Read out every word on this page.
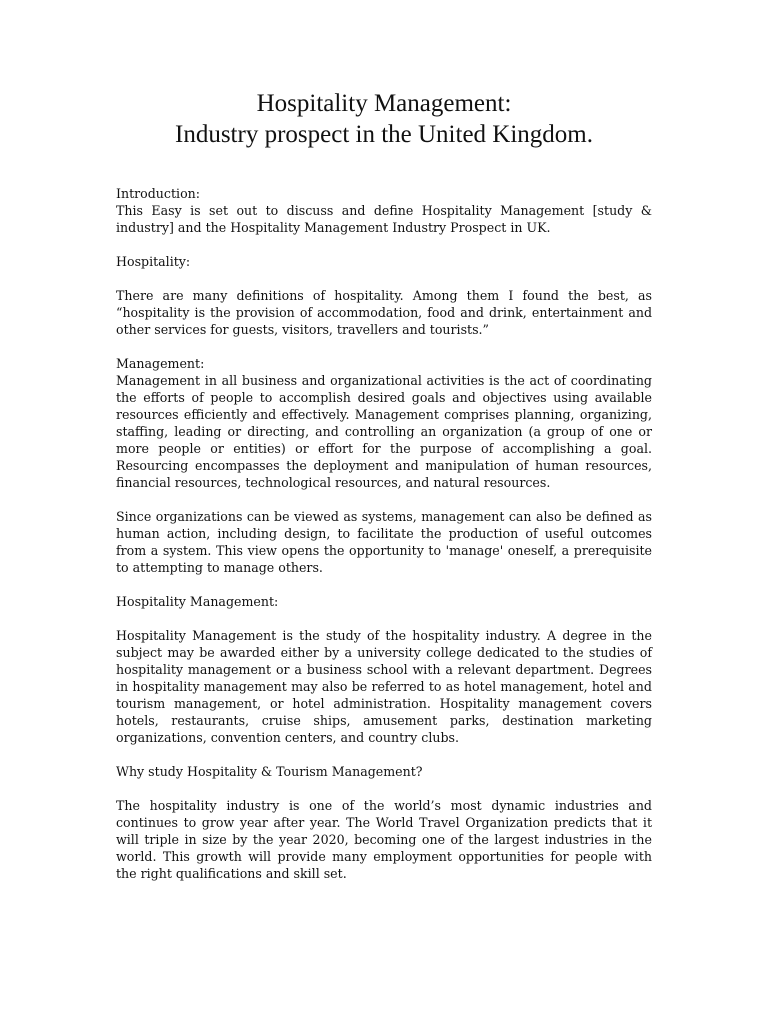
Hospitality Management:
Industry prospect in the United Kingdom.

Introduction:

This Easy is set out to discuss and define Hospitality Management [study & industry] and the Hospitality Management Industry Prospect in UK.

Hospitality:

There are many definitions of hospitality. Among them I found the best, as “hospitality is the provision of accommodation, food and drink, entertainment and other services for guests, visitors, travellers and tourists.”

Management:

Management in all business and organizational activities is the act of coordinating the efforts of people to accomplish desired goals and objectives using available resources efficiently and effectively. Management comprises planning, organizing, staffing, leading or directing, and controlling an organization (a group of one or more people or entities) or effort for the purpose of accomplishing a goal. Resourcing encompasses the deployment and manipulation of human resources, financial resources, technological resources, and natural resources.

Since organizations can be viewed as systems, management can also be defined as human action, including design, to facilitate the production of useful outcomes from a system. This view opens the opportunity to 'manage' oneself, a prerequisite to attempting to manage others.

Hospitality Management:

Hospitality Management is the study of the hospitality industry. A degree in the subject may be awarded either by a university college dedicated to the studies of hospitality management or a business school with a relevant department. Degrees in hospitality management may also be referred to as hotel management, hotel and tourism management, or hotel administration. Hospitality management covers hotels, restaurants, cruise ships, amusement parks, destination marketing organizations, convention centers, and country clubs.

Why study Hospitality & Tourism Management?

The hospitality industry is one of the world’s most dynamic industries and continues to grow year after year. The World Travel Organization predicts that it will triple in size by the year 2020, becoming one of the largest industries in the world. This growth will provide many employment opportunities for people with the right qualifications and skill set.
